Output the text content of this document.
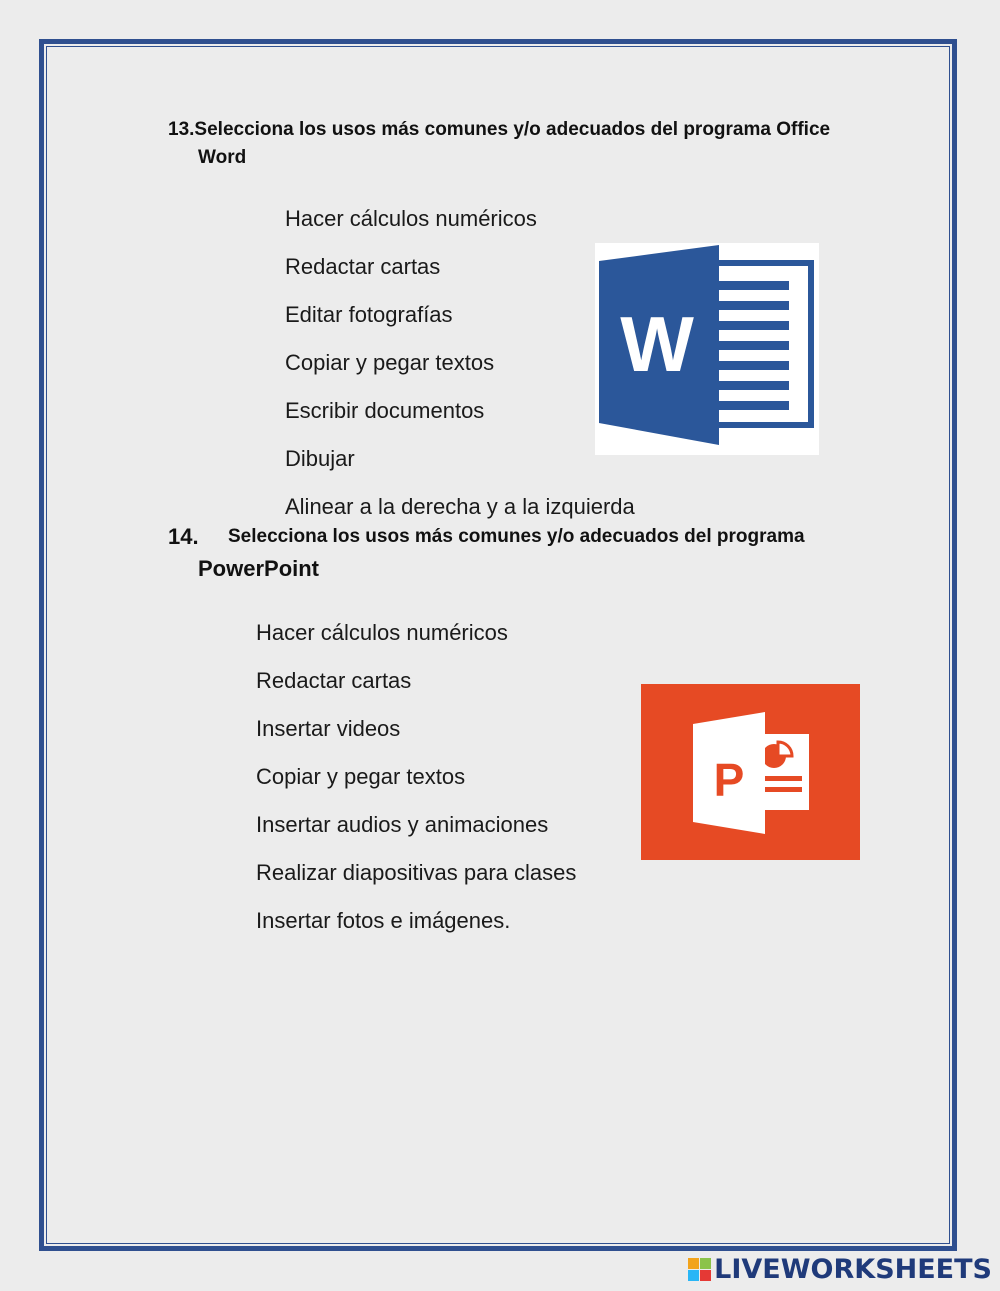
13.Selecciona los usos más comunes y/o adecuados del programa Office
Word
Hacer cálculos numéricos
Redactar cartas
Editar fotografías
Copiar y pegar textos
Escribir documentos
Dibujar
Alinear a la derecha y a la izquierda
W
14. Selecciona los usos más comunes y/o adecuados del programa
PowerPoint
Hacer cálculos numéricos
Redactar cartas
Insertar videos
Copiar y pegar textos
Insertar audios y animaciones
Realizar diapositivas para clases
Insertar fotos e imágenes.
P
LIVEWORKSHEETS
